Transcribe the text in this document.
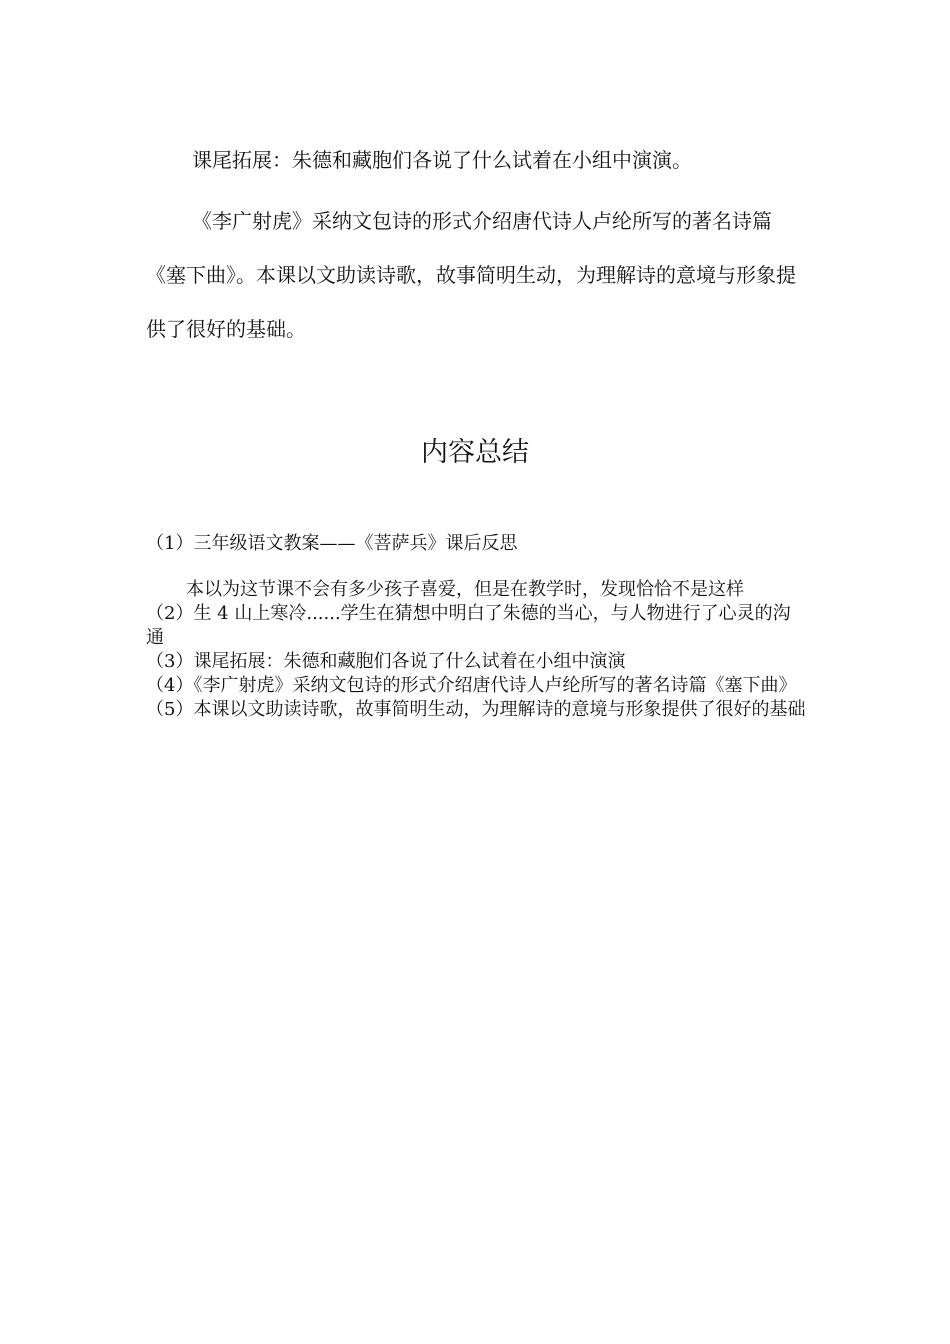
课尾拓展：朱德和藏胞们各说了什么试着在小组中演演。

《李广射虎》采纳文包诗的形式介绍唐代诗人卢纶所写的著名诗篇《塞下曲》。本课以文助读诗歌，故事简明生动，为理解诗的意境与形象提供了很好的基础。

内容总结

（1）三年级语文教案——《菩萨兵》课后反思

本以为这节课不会有多少孩子喜爱，但是在教学时，发现恰恰不是这样

（2）生 4 山上寒冷......学生在猜想中明白了朱德的当心，与人物进行了心灵的沟通

（3）课尾拓展：朱德和藏胞们各说了什么试着在小组中演演

（4）《李广射虎》采纳文包诗的形式介绍唐代诗人卢纶所写的著名诗篇《塞下曲》

（5）本课以文助读诗歌，故事简明生动，为理解诗的意境与形象提供了很好的基础
